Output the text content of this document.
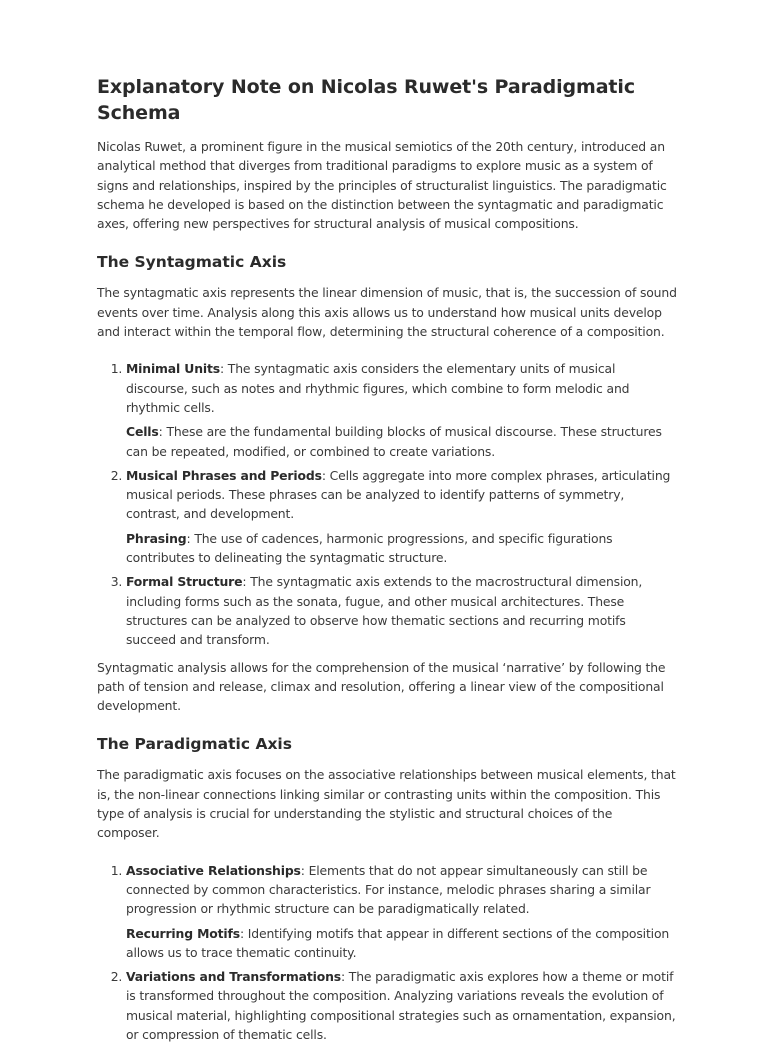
Explanatory Note on Nicolas Ruwet's Paradigmatic Schema

Nicolas Ruwet, a prominent figure in the musical semiotics of the 20th century, introduced an analytical method that diverges from traditional paradigms to explore music as a system of signs and relationships, inspired by the principles of structuralist linguistics. The paradigmatic schema he developed is based on the distinction between the syntagmatic and paradigmatic axes, offering new perspectives for structural analysis of musical compositions.

The Syntagmatic Axis

The syntagmatic axis represents the linear dimension of music, that is, the succession of sound events over time. Analysis along this axis allows us to understand how musical units develop and interact within the temporal flow, determining the structural coherence of a composition.

1. Minimal Units: The syntagmatic axis considers the elementary units of musical discourse, such as notes and rhythmic figures, which combine to form melodic and rhythmic cells.

Cells: These are the fundamental building blocks of musical discourse. These structures can be repeated, modified, or combined to create variations.

2. Musical Phrases and Periods: Cells aggregate into more complex phrases, articulating musical periods. These phrases can be analyzed to identify patterns of symmetry, contrast, and development.

Phrasing: The use of cadences, harmonic progressions, and specific figurations contributes to delineating the syntagmatic structure.

3. Formal Structure: The syntagmatic axis extends to the macrostructural dimension, including forms such as the sonata, fugue, and other musical architectures. These structures can be analyzed to observe how thematic sections and recurring motifs succeed and transform.

Syntagmatic analysis allows for the comprehension of the musical ‘narrative’ by following the path of tension and release, climax and resolution, offering a linear view of the compositional development.

The Paradigmatic Axis

The paradigmatic axis focuses on the associative relationships between musical elements, that is, the non-linear connections linking similar or contrasting units within the composition. This type of analysis is crucial for understanding the stylistic and structural choices of the composer.

1. Associative Relationships: Elements that do not appear simultaneously can still be connected by common characteristics. For instance, melodic phrases sharing a similar progression or rhythmic structure can be paradigmatically related.

Recurring Motifs: Identifying motifs that appear in different sections of the composition allows us to trace thematic continuity.

2. Variations and Transformations: The paradigmatic axis explores how a theme or motif is transformed throughout the composition. Analyzing variations reveals the evolution of musical material, highlighting compositional strategies such as ornamentation, expansion, or compression of thematic cells.
